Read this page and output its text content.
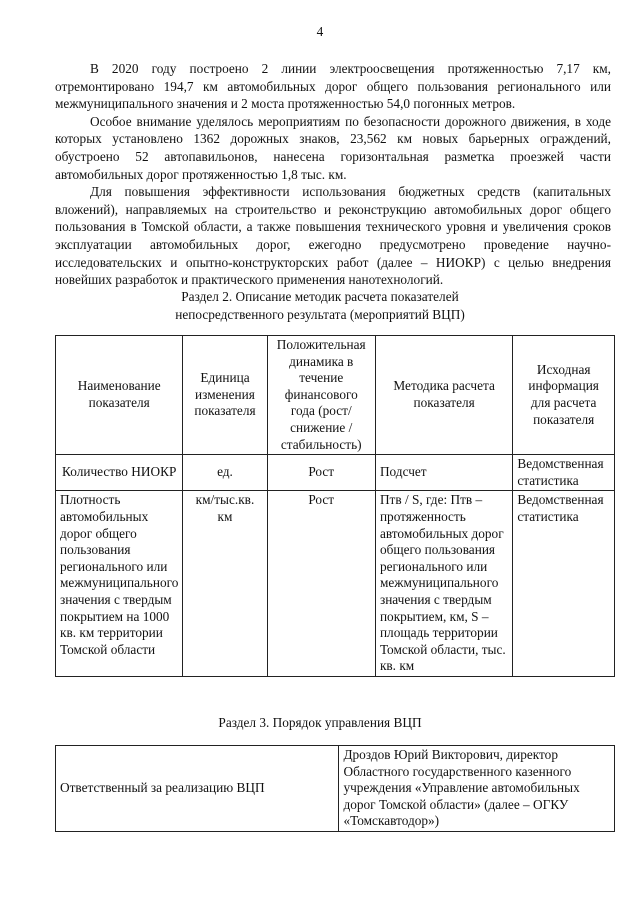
4

В 2020 году построено 2 линии электроосвещения протяженностью 7,17 км, отремонтировано 194,7 км автомобильных дорог общего пользования регионального или межмуниципального значения и 2 моста протяженностью 54,0 погонных метров.

Особое внимание уделялось мероприятиям по безопасности дорожного движения, в ходе которых установлено 1362 дорожных знаков, 23,562 км новых барьерных ограждений, обустроено 52 автопавильонов, нанесена горизонтальная разметка проезжей части автомобильных дорог протяженностью 1,8 тыс. км.

Для повышения эффективности использования бюджетных средств (капитальных вложений), направляемых на строительство и реконструкцию автомобильных дорог общего пользования в Томской области, а также повышения технического уровня и увеличения сроков эксплуатации автомобильных дорог, ежегодно предусмотрено проведение научно-исследовательских и опытно-конструкторских работ (далее – НИОКР) с целью внедрения новейших разработок и практического применения нанотехнологий.

Раздел 2. Описание методик расчета показателей
непосредственного результата (мероприятий ВЦП)
Наименование показателя	Единица изменения показателя	Положительная динамика в течение финансового года (рост/снижение /стабильность)	Методика расчета показателя	Исходная информация для расчета показателя
Количество НИОКР	ед.	Рост	Подсчет	Ведомственная статистика
Плотность автомобильных дорог общего пользования регионального или межмуниципального значения с твердым покрытием на 1000 кв. км территории Томской области	км/тыс.кв. км	Рост	Птв / S, где: Птв – протяженность автомобильных дорог общего пользования регионального или межмуниципального значения с твердым покрытием, км, S – площадь территории Томской области, тыс. кв. км	Ведомственная статистика
Раздел 3. Порядок управления ВЦП
Ответственный за реализацию ВЦП	Дроздов Юрий Викторович, директор Областного государственного казенного учреждения «Управление автомобильных дорог Томской области» (далее – ОГКУ «Томскавтодор»)
